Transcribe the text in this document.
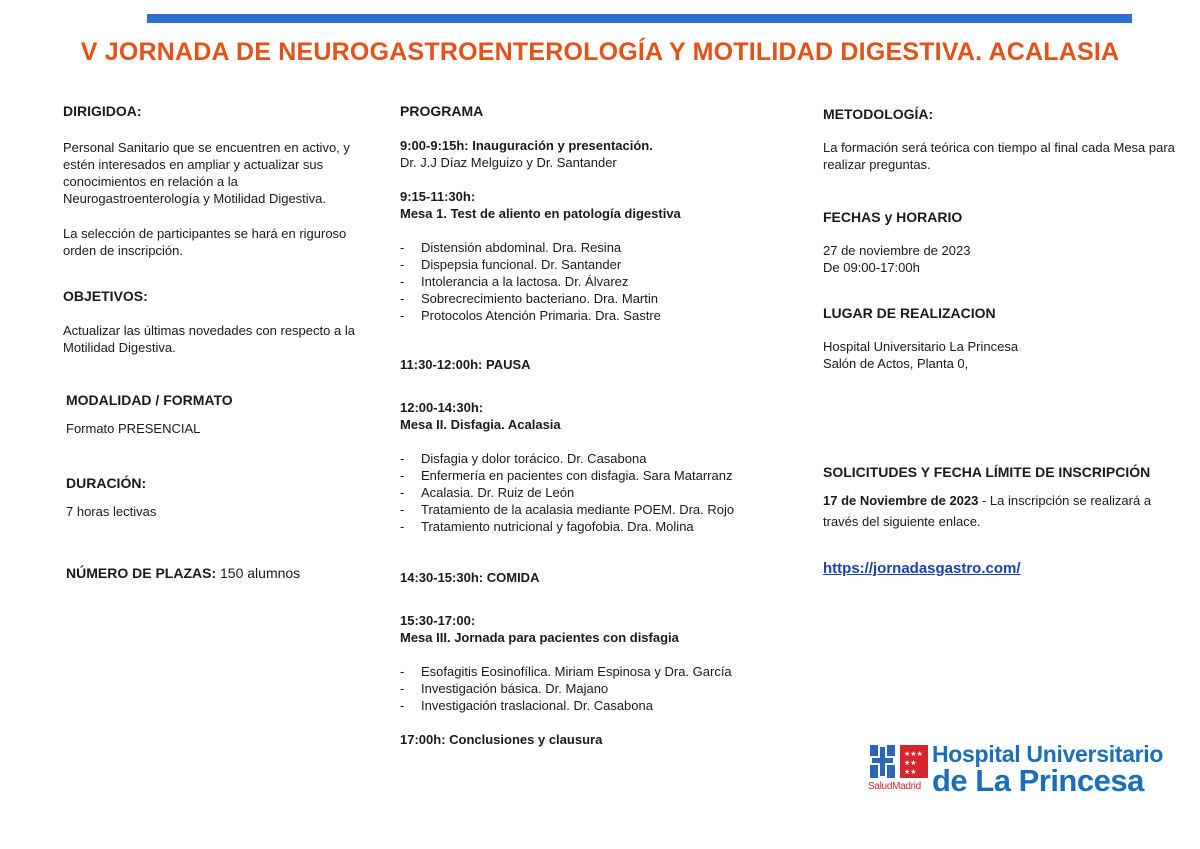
V JORNADA DE NEUROGASTROENTEROLOGÍA Y MOTILIDAD DIGESTIVA. ACALASIA

DIRIGIDOA:

Personal Sanitario que se encuentren en activo, y estén interesados en ampliar y actualizar sus conocimientos en relación a la Neurogastroenterología y Motilidad Digestiva.

La selección de participantes se hará en riguroso orden de inscripción.

OBJETIVOS:

Actualizar las últimas novedades con respecto a la Motilidad Digestiva.

MODALIDAD / FORMATO

Formato PRESENCIAL

DURACIÓN:

7 horas lectivas

NÚMERO DE PLAZAS: 150 alumnos

PROGRAMA

9:00-9:15h: Inauguración y presentación.

Dr. J.J Díaz Melguizo y Dr. Santander

9:15-11:30h:

Mesa 1. Test de aliento en patología digestiva

- Distensión abdominal. Dra. Resina
- Dispepsia funcional. Dr. Santander
- Intolerancia a la lactosa. Dr. Álvarez
- Sobrecrecimiento bacteriano. Dra. Martin
- Protocolos Atención Primaria. Dra. Sastre

11:30-12:00h: PAUSA

12:00-14:30h:

Mesa II. Disfagia. Acalasia

- Disfagia y dolor torácico. Dr. Casabona
- Enfermería en pacientes con disfagia. Sara Matarranz
- Acalasia. Dr. Ruiz de León
- Tratamiento de la acalasia mediante POEM. Dra. Rojo
- Tratamiento nutricional y fagofobia. Dra. Molina

14:30-15:30h: COMIDA

15:30-17:00:

Mesa III. Jornada para pacientes con disfagia

- Esofagitis Eosinofílica. Miriam Espinosa y Dra. García
- Investigación básica. Dr. Majano
- Investigación traslacional. Dr. Casabona

17:00h: Conclusiones y clausura

METODOLOGÍA:

La formación será teórica con tiempo al final cada Mesa para realizar preguntas.

FECHAS y HORARIO

27 de noviembre de 2023

De 09:00-17:00h

LUGAR DE REALIZACION

Hospital Universitario La Princesa

Salón de Actos, Planta 0,

SOLICITUDES Y FECHA LÍMITE DE INSCRIPCIÓN

17 de Noviembre de 2023 - La inscripción se realizará a través del siguiente enlace.

https://jornadasgastro.com/

★★★
★★
★★
SaludMadrid
Hospital Universitario
de La Princesa
